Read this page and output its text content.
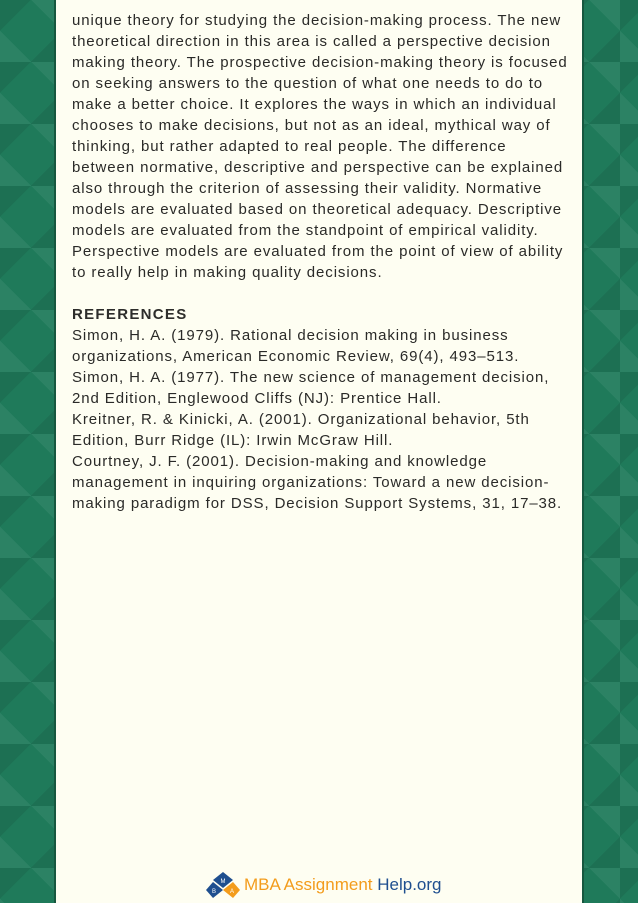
unique theory for studying the decision-making process. The new theoretical direction in this area is called a perspective decision making theory. The prospective decision-making theory is focused on seeking answers to the question of what one needs to do to make a better choice. It explores the ways in which an individual chooses to make decisions, but not as an ideal, mythical way of thinking, but rather adapted to real people. The difference between normative, descriptive and perspective can be explained also through the criterion of assessing their validity. Normative models are evaluated based on theoretical adequacy. Descriptive models are evaluated from the standpoint of empirical validity. Perspective models are evaluated from the point of view of ability to really help in making quality decisions.

REFERENCES
Simon, H. A. (1979). Rational decision making in business organizations, American Economic Review, 69(4), 493–513.
Simon, H. A. (1977). The new science of management decision, 2nd Edition, Englewood Cliffs (NJ): Prentice Hall.
Kreitner, R. & Kinicki, A. (2001). Organizational behavior, 5th Edition, Burr Ridge (IL): Irwin McGraw Hill.
Courtney, J. F. (2001). Decision-making and knowledge management in inquiring organizations: Toward a new decision-making paradigm for DSS, Decision Support Systems, 31, 17–38.
M
B A MBA Assignment Help.org
